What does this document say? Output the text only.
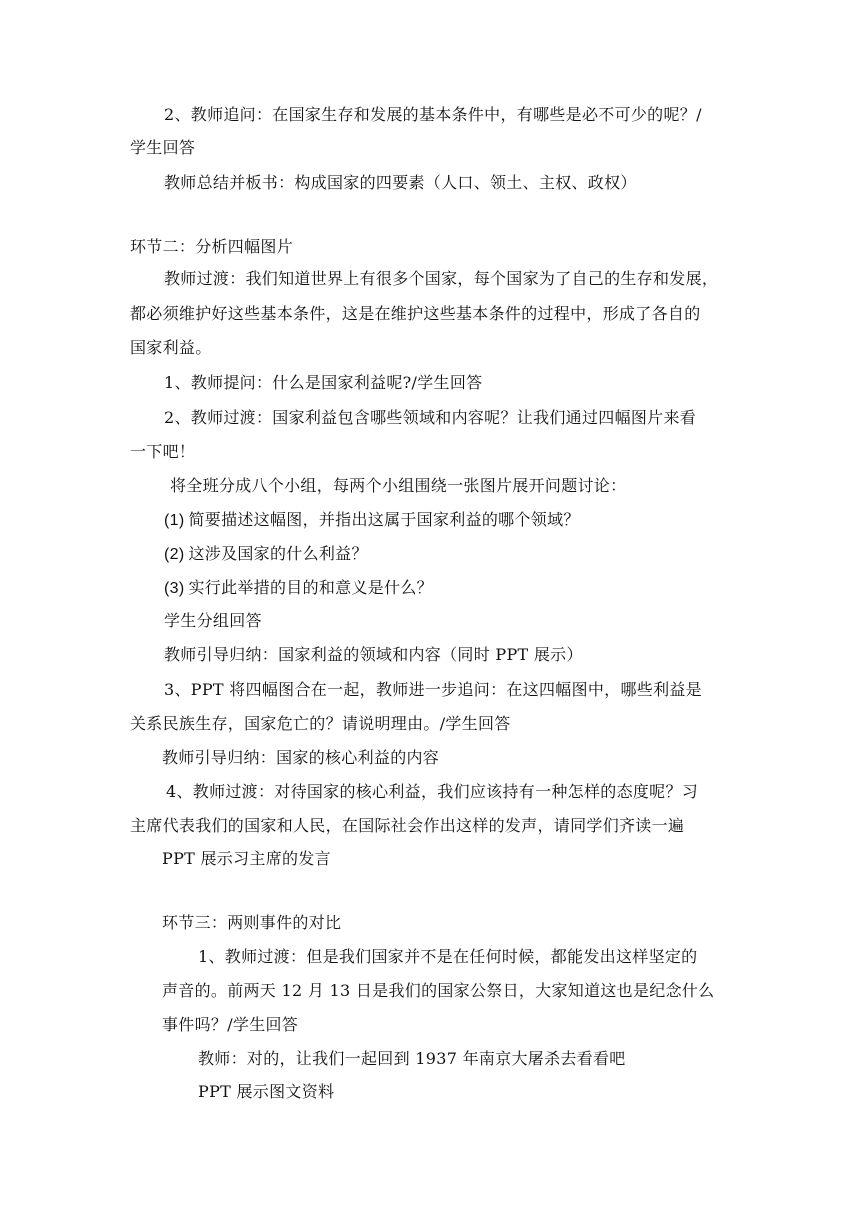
2、教师追问：在国家生存和发展的基本条件中，有哪些是必不可少的呢？/
学生回答
教师总结并板书：构成国家的四要素（人口、领土、主权、政权）
环节二：分析四幅图片
教师过渡：我们知道世界上有很多个国家，每个国家为了自己的生存和发展，
都必须维护好这些基本条件，这是在维护这些基本条件的过程中，形成了各自的
国家利益。
1、教师提问：什么是国家利益呢?/学生回答
2、教师过渡：国家利益包含哪些领域和内容呢？让我们通过四幅图片来看
一下吧！
将全班分成八个小组，每两个小组围绕一张图片展开问题讨论：
(1) 简要描述这幅图，并指出这属于国家利益的哪个领域？
(2) 这涉及国家的什么利益？
(3) 实行此举措的目的和意义是什么？
学生分组回答
教师引导归纳：国家利益的领域和内容（同时 PPT 展示）
3、PPT 将四幅图合在一起，教师进一步追问：在这四幅图中，哪些利益是
关系民族生存，国家危亡的？请说明理由。/学生回答
教师引导归纳：国家的核心利益的内容
4、教师过渡：对待国家的核心利益，我们应该持有一种怎样的态度呢？习
主席代表我们的国家和人民，在国际社会作出这样的发声，请同学们齐读一遍
PPT 展示习主席的发言
环节三：两则事件的对比
1、教师过渡：但是我们国家并不是在任何时候，都能发出这样坚定的
声音的。前两天 12 月 13 日是我们的国家公祭日，大家知道这也是纪念什么
事件吗？/学生回答
教师：对的，让我们一起回到 1937 年南京大屠杀去看看吧
PPT 展示图文资料
